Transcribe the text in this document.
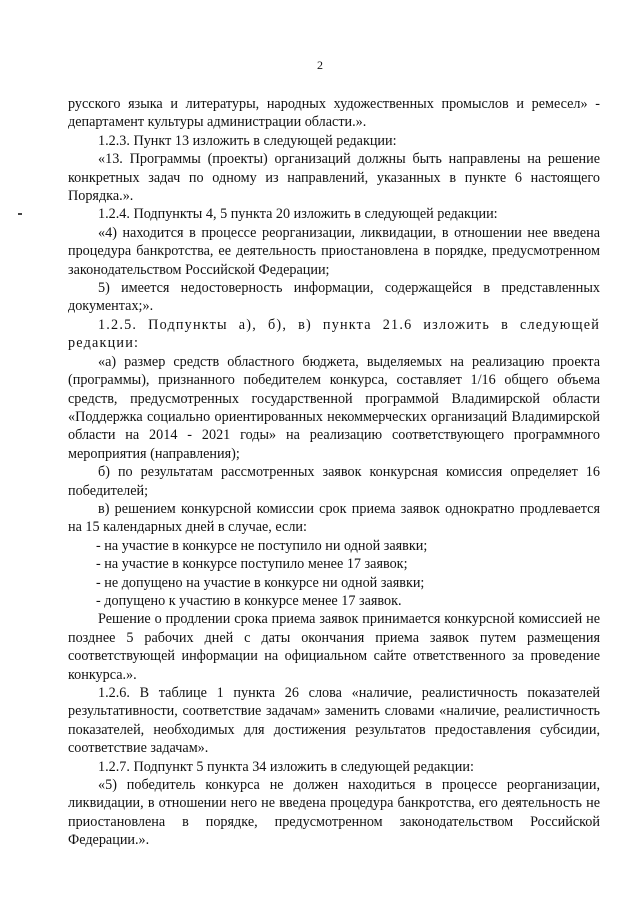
2

русского языка и литературы, народных художественных промыслов и ремесел» - департамент культуры администрации области.».

1.2.3. Пункт 13 изложить в следующей редакции:

«13. Программы (проекты) организаций должны быть направлены на решение конкретных задач по одному из направлений, указанных в пункте 6 настоящего Порядка.».

1.2.4. Подпункты 4, 5 пункта 20 изложить в следующей редакции:

«4) находится в процессе реорганизации, ликвидации, в отношении нее введена процедура банкротства, ее деятельность приостановлена в порядке, предусмотренном законодательством Российской Федерации;

5) имеется недостоверность информации, содержащейся в представленных документах;».

1.2.5. Подпункты а), б), в) пункта 21.6 изложить в следующей редакции:

«а) размер средств областного бюджета, выделяемых на реализацию проекта (программы), признанного победителем конкурса, составляет 1/16 общего объема средств, предусмотренных государственной программой Владимирской области «Поддержка социально ориентированных некоммерческих организаций Владимирской области на 2014 - 2021 годы» на реализацию соответствующего программного мероприятия (направления);

б) по результатам рассмотренных заявок конкурсная комиссия определяет 16 победителей;

в) решением конкурсной комиссии срок приема заявок однократно продлевается на 15 календарных дней в случае, если:

- на участие в конкурсе не поступило ни одной заявки;

- на участие в конкурсе поступило менее 17 заявок;

- не допущено на участие в конкурсе ни одной заявки;

- допущено к участию в конкурсе менее 17 заявок.

Решение о продлении срока приема заявок принимается конкурсной комиссией не позднее 5 рабочих дней с даты окончания приема заявок путем размещения соответствующей информации на официальном сайте ответственного за проведение конкурса.».

1.2.6. В таблице 1 пункта 26 слова «наличие, реалистичность показателей результативности, соответствие задачам» заменить словами «наличие, реалистичность показателей, необходимых для достижения результатов предоставления субсидии, соответствие задачам».

1.2.7. Подпункт 5 пункта 34 изложить в следующей редакции:

«5) победитель конкурса не должен находиться в процессе реорганизации, ликвидации, в отношении него не введена процедура банкротства, его деятельность не приостановлена в порядке, предусмотренном законодательством Российской Федерации.».
